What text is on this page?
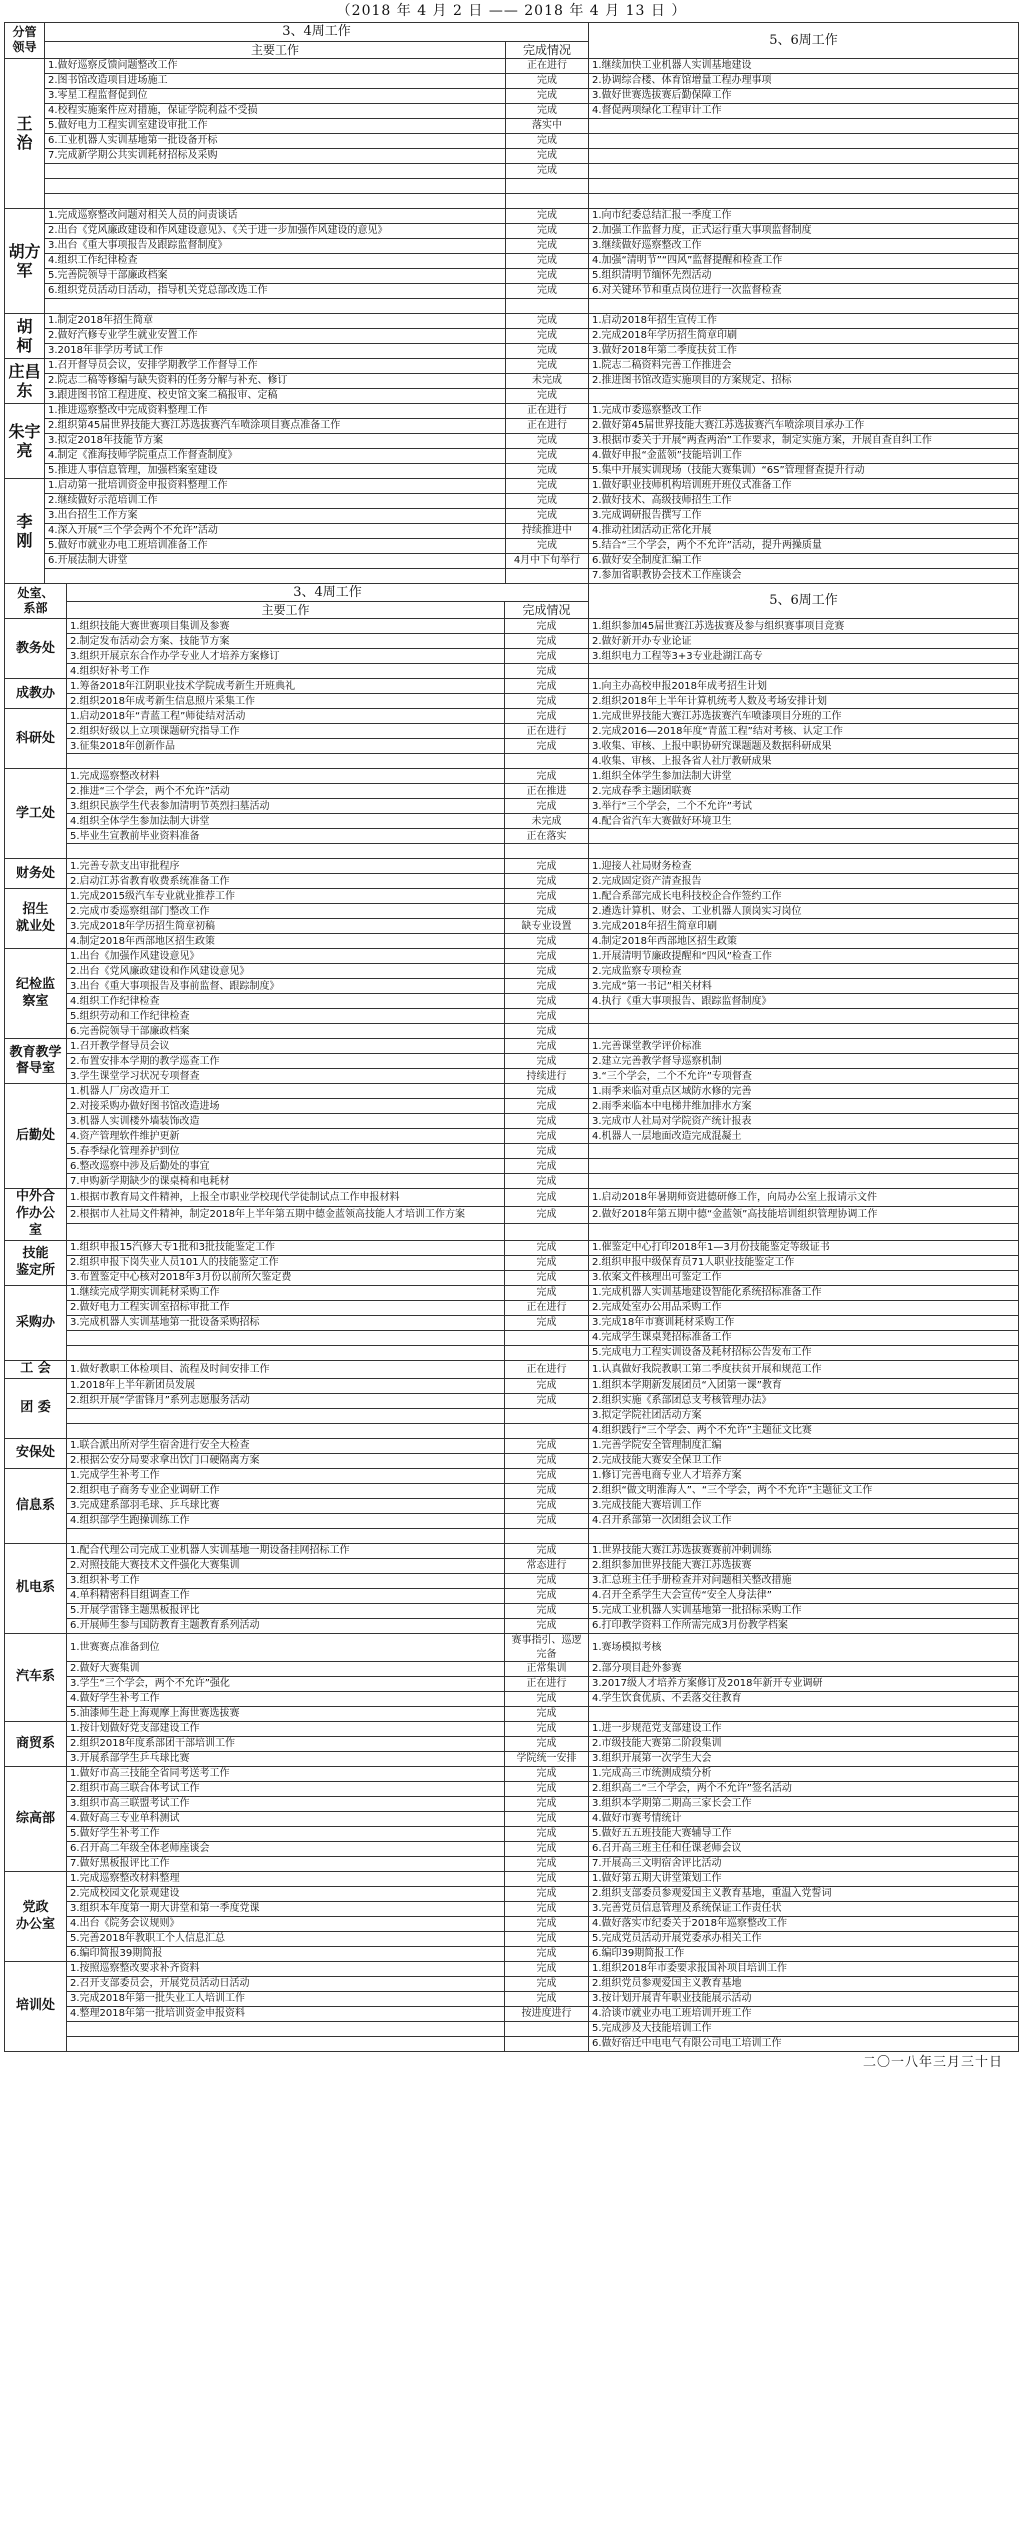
（2018 年 4 月 2 日 —— 2018 年 4 月 13 日 ）
分管
领导	3、4周工作		5、6周工作
	主要工作	完成情况	
王 治	1.做好巡察反馈问题整改工作	正在进行	1.继续加快工业机器人实训基地建设
	2.图书馆改造项目进场施工	完成	2.协调综合楼、体育馆增量工程办理事项
	3.零星工程监督促到位	完成	3.做好世赛选拔赛后勤保障工作
	4.校程实施案件应对措施，保证学院利益不受损	完成	4.督促两项绿化工程审计工作
	5.做好电力工程实训室建设审批工作	落实中	
	6.工业机器人实训基地第一批设备开标	完成	
	7.完成新学期公共实训耗材招标及采购	完成	
		完成	

胡方军	1.完成巡察整改问题对相关人员的问责谈话	完成	1.向市纪委总结汇报一季度工作
	2.出台《党风廉政建设和作风建设意见》、《关于进一步加强作风建设的意见》	完成	2.加强工作监督力度，正式运行重大事项监督制度
	3.出台《重大事项报告及跟踪监督制度》	完成	3.继续做好巡察整改工作
	4.组织工作纪律检查	完成	4.加强“清明节”“四风”监督提醒和检查工作
	5.完善院领导干部廉政档案	完成	5.组织清明节缅怀先烈活动
	6.组织党员活动日活动，指导机关党总部改选工作	完成	6.对关键环节和重点岗位进行一次监督检查

胡 柯	1.制定2018年招生简章	完成	1.启动2018年招生宣传工作
	2.做好汽修专业学生就业安置工作	完成	2.完成2018年学历招生简章印刷
	3.2018年非学历考试工作	完成	3.做好2018年第二季度扶贫工作
庄昌东	1.召开督导员会议，安排学期教学工作督导工作	完成	1.院志二稿资料完善工作推进会
	2.院志二稿等修编与缺失资料的任务分解与补充、修订	未完成	2.推进图书馆改造实施项目的方案规定、招标
	3.跟进图书馆工程进度、校史馆文案二稿报审、定稿	完成	
朱宇亮	1.推进巡察整改中完成资料整理工作	正在进行	1.完成市委巡察整改工作
	2.组织第45届世界技能大赛江苏选拔赛汽车喷涂项目赛点准备工作	正在进行	2.做好第45届世界技能大赛江苏选拔赛汽车喷涂项目承办工作
	3.拟定2018年技能节方案	完成	3.根据市委关于开展“两查两治”工作要求，制定实施方案，开展自查自纠工作
	4.制定《淮海技师学院重点工作督查制度》	完成	4.做好申报“金蓝领”技能培训工作
	5.推进人事信息管理，加强档案室建设	完成	5.集中开展实训现场（技能大赛集训）“6S”管理督查提升行动
李 刚	1.启动第一批培训资金申报资料整理工作	完成	1.做好职业技师机构培训班开班仪式准备工作
	2.继续做好示范培训工作	完成	2.做好技术、高级技师招生工作
	3.出台招生工作方案	完成	3.完成调研报告撰写工作
	4.深入开展“三个学会两个不允许”活动	持续推进中	4.推动社团活动正常化开展
	5.做好市就业办电工班培训准备工作	完成	5.结合“三个学会，两个不允许”活动，提升两操质量
	6.开展法制大讲堂	4月中下旬举行	6.做好安全制度汇编工作
			7.参加省职教协会技术工作座谈会
处室、
系部	3、4周工作		5、6周工作
	主要工作	完成情况	
教务处	1.组织技能大赛世赛项目集训及参赛	完成	1.组织参加45届世赛江苏选拔赛及参与组织赛事项目竞赛
	2.制定发布活动会方案、技能节方案	完成	2.做好新开办专业论证
	3.组织开展京东合作办学专业人才培养方案修订	完成	3.组织电力工程等3+3专业赴湖江高专
	4.组织好补考工作	完成	
成教办	1.筹备2018年江阴职业技术学院成考新生开班典礼	完成	1.向主办高校申报2018年成考招生计划
	2.组织2018年成考新生信息照片采集工作	完成	2.组织2018年上半年计算机统考人数及考场安排计划
科研处	1.启动2018年“青蓝工程”师徒结对活动	完成	1.完成世界技能大赛江苏选拔赛汽车喷漆项目分班的工作
	2.组织好级以上立项课题研究指导工作	正在进行	2.完成2016—2018年度“青蓝工程”结对考核、认定工作
	3.征集2018年创新作品	完成	3.收集、审核、上报中职协研究课题题及数据科研成果
			4.收集、审核、上报各省人社厅教研成果
学工处	1.完成巡察整改材料	完成	1.组织全体学生参加法制大讲堂
	2.推进“三个学会，两个不允许”活动	正在推进	2.完成春季主题团联赛
	3.组织民族学生代表参加清明节英烈扫墓活动	完成	3.举行“三个学会，二个不允许”考试
	4.组织全体学生参加法制大讲堂	未完成	4.配合省汽车大赛做好环境卫生
	5.毕业生宣教前毕业资料准备	正在落实	

财务处	1.完善专款支出审批程序	完成	1.迎接人社局财务检查
	2.启动江苏省教育收费系统准备工作	完成	2.完成固定资产清查报告
招生
就业处	1.完成2015级汽车专业就业推荐工作	完成	1.配合系部完成长电科技校企合作签约工作
	2.完成市委巡察组部门整改工作	完成	2.遴选计算机、财会、工业机器人顶岗实习岗位
	3.完成2018年学历招生简章初稿	缺专业设置	3.完成2018年招生简章印刷
	4.制定2018年西部地区招生政策	完成	4.制定2018年西部地区招生政策
纪检监
察室	1.出台《加强作风建设意见》	完成	1.开展清明节廉政提醒和“四风”检查工作
	2.出台《党风廉政建设和作风建设意见》	完成	2.完成监察专项检查
	3.出台《重大事项报告及事前监督、跟踪制度》	完成	3.完成“第一书记”相关材料
	4.组织工作纪律检查	完成	4.执行《重大事项报告、跟踪监督制度》
	5.组织劳动和工作纪律检查	完成	
	6.完善院领导干部廉政档案	完成	
教育教学
督导室	1.召开教学督导员会议	完成	1.完善课堂教学评价标准
	2.布置安排本学期的教学巡查工作	完成	2.建立完善教学督导巡察机制
	3.学生课堂学习状况专项督查	持续进行	3.“三个学会，二个不允许”专项督查
后勤处	1.机器人厂房改造开工	完成	1.雨季来临对重点区域防水修的完善
	2.对接采购办做好图书馆改造进场	完成	2.雨季来临本中电梯井维加排水方案
	3.机器人实训楼外墙装饰改造	完成	3.完成市人社局对学院资产统计报表
	4.资产管理软件维护更新	完成	4.机器人一层地面改造完成混凝土
	5.春季绿化管理养护到位	完成	
	6.整改巡察中涉及后勤处的事宜	完成	
	7.申购新学期缺少的课桌椅和电耗材	完成	
中外合
作办公
室	1.根据市教育局文件精神，上报全市职业学校现代学徒制试点工作申报材料	完成	1.启动2018年暑期师资进德研修工作，向局办公室上报请示文件
	2.根据市人社局文件精神，制定2018年上半年第五期中德金蓝领高技能人才培训工作方案	完成	2.做好2018年第五期中德“金蓝领”高技能培训组织管理协调工作

技能
鉴定所	1.组织申报15汽修大专1批和3批技能鉴定工作	完成	1.催鉴定中心打印2018年1—3月份技能鉴定等级证书
	2.组织申报下岗失业人员101人的技能鉴定工作	完成	2.组织申报中级保育员71人职业技能鉴定工作
	3.布置鉴定中心核对2018年3月份以前所欠鉴定费	完成	3.依案文件核理出可鉴定工作
采购办	1.继续完成学期实训耗材采购工作	完成	1.完成机器人实训基地建设智能化系统招标准备工作
	2.做好电力工程实训室招标审批工作	正在进行	2.完成处室办公用品采购工作
	3.完成机器人实训基地第一批设备采购招标	完成	3.完成18年市赛训耗材采购工作
			4.完成学生课桌凳招标准备工作
			5.完成电力工程实训设备及耗材招标公告发布工作
工 会	1.做好教职工体检项目、流程及时间安排工作	正在进行	1.认真做好我院教职工第二季度扶贫开展和规范工作
团 委	1.2018年上半年新团员发展	完成	1.组织本学期新发展团员“入团第一课”教育
	2.组织开展“学雷锋月”系列志愿服务活动	完成	2.组织实施《系部团总支考核管理办法》
			3.拟定学院社团活动方案
			4.组织践行“三个学会、两个不允许”主题征文比赛
安保处	1.联合派出所对学生宿舍进行安全大检查	完成	1.完善学院安全管理制度汇编
	2.根据公安分局要求拿出饮门口硬隔离方案	完成	2.完成技能大赛安全保卫工作
信息系	1.完成学生补考工作	完成	1.修订完善电商专业人才培养方案
	2.组织电子商务专业企业调研工作	完成	2.组织“做文明淮海人”、“三个学会，两个不允许”主题征文工作
	3.完成建系部羽毛球、乒乓球比赛	完成	3.完成技能大赛培训工作
	4.组织部学生跑操训练工作	完成	4.召开系部第一次团组会议工作

机电系	1.配合代理公司完成工业机器人实训基地一期设备挂网招标工作	完成	1.世界技能大赛江苏选拔赛赛前冲刺训练
	2.对照技能大赛技术文件强化大赛集训	常态进行	2.组织参加世界技能大赛江苏选拔赛
	3.组织补考工作	完成	3.汇总班主任手册检查并对问题相关整改措施
	4.单科精密科目组调查工作	完成	4.召开全系学生大会宣传“安全人身法律”
	5.开展学雷锋主题黑板报评比	完成	5.完成工业机器人实训基地第一批招标采购工作
	6.开展师生参与国防教育主题教育系列活动	完成	6.打印教学资料工作所需完成3月份教学档案
汽车系	1.世赛赛点准备到位	赛事指引、巡逻完备	1.赛场模拟考核
	2.做好大赛集训	正常集训	2.部分项目赴外参赛
	3.学生“三个学会，两个不允许”强化	正在进行	3.2017级人才培养方案修订及2018年新开专业调研
	4.做好学生补考工作	完成	4.学生饮食优质、不丢落交往教育
	5.油漆师生赴上海观摩上海世赛选拔赛	完成	
商贸系	1.按计划做好党支部建设工作	完成	1.进一步规范党支部建设工作
	2.组织2018年度系部团干部培训工作	完成	2.市级技能大赛第二阶段集训
	3.开展系部学生乒乓球比赛	学院统一安排	3.组织开展第一次学生大会
综高部	1.做好市高三技能全省同考送考工作	完成	1.完成高三市统测成绩分析
	2.组织市高三联合体考试工作	完成	2.组织高二“三个学会，两个不允许”签名活动
	3.组织市高三联盟考试工作	完成	3.组织本学期第二期高三家长会工作
	4.做好高三专业单科测试	完成	4.做好市赛考情统计
	5.做好学生补考工作	完成	5.做好五五班技能大赛辅导工作
	6.召开高二年级全体老师座谈会	完成	6.召开高三班主任和任课老师会议
	7.做好黑板报评比工作	完成	7.开展高三文明宿舍评比活动
党政
办公室	1.完成巡察整改材料整理	完成	1.做好第五期大讲堂策划工作
	2.完成校园文化景观建设	完成	2.组织支部委员参观爱国主义教育基地，重温入党誓词
	3.组织本年度第一期大讲堂和第一季度党课	完成	3.完善党员信息管理及系统保证工作责任状
	4.出台《院务会议规则》	完成	4.做好落实市纪委关于2018年巡察整改工作
	5.完善2018年教职工个人信息汇总	完成	5.完成党员活动开展党委承办相关工作
	6.编印简报39期简报	完成	6.编印39期简报工作
培训处	1.按照巡察整改要求补齐资料	完成	1.组织2018年市委要求报国补项目培训工作
	2.召开支部委员会，开展党员活动日活动	完成	2.组织党员参观爱国主义教育基地
	3.完成2018年第一批失业工人培训工作	完成	3.按计划开展青年职业技能展示活动
	4.整理2018年第一批培训资金申报资料	按进度进行	4.洽谈市就业办电工班培训开班工作
			5.完成涉及大技能培训工作
			6.做好宿迁中电电气有限公司电工培训工作
二〇一八年三月三十日
